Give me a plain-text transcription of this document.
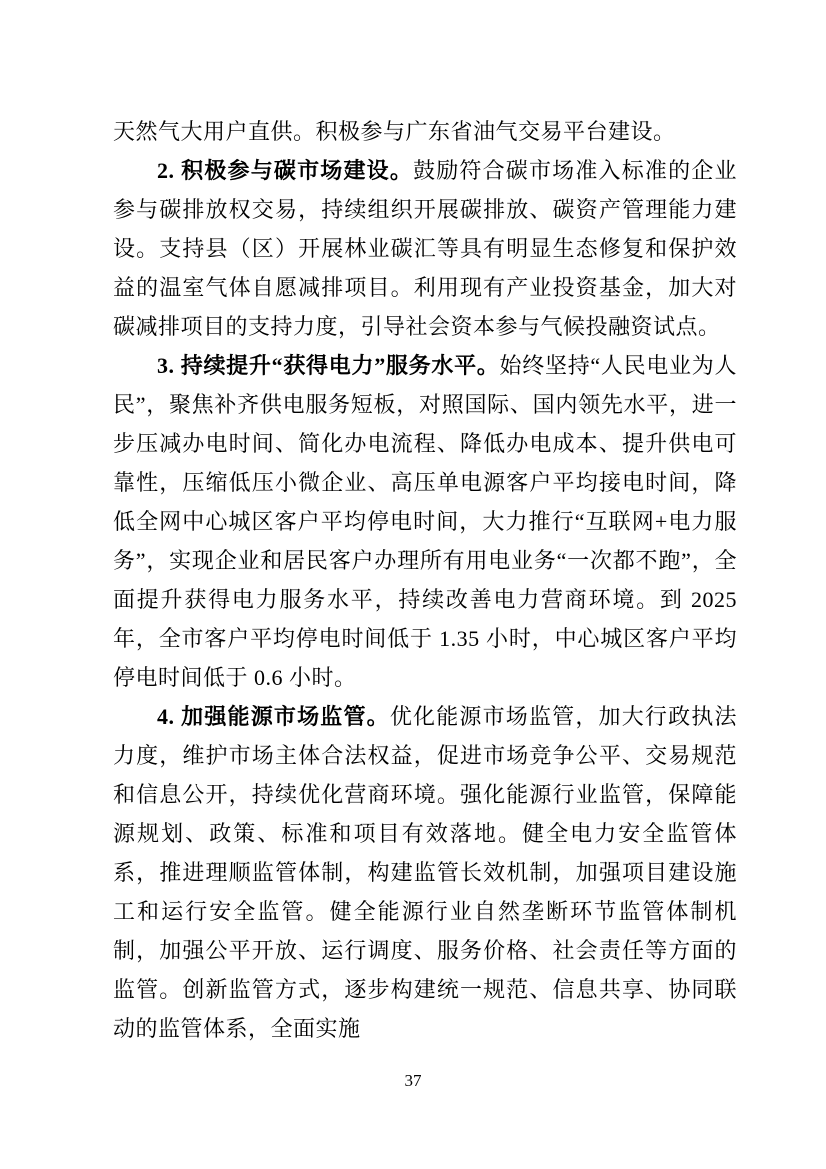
天然气大用户直供。积极参与广东省油气交易平台建设。

2. 积极参与碳市场建设。鼓励符合碳市场准入标准的企业参与碳排放权交易，持续组织开展碳排放、碳资产管理能力建设。支持县（区）开展林业碳汇等具有明显生态修复和保护效益的温室气体自愿减排项目。利用现有产业投资基金，加大对碳减排项目的支持力度，引导社会资本参与气候投融资试点。

3. 持续提升“获得电力”服务水平。始终坚持“人民电业为人民”，聚焦补齐供电服务短板，对照国际、国内领先水平，进一步压减办电时间、简化办电流程、降低办电成本、提升供电可靠性，压缩低压小微企业、高压单电源客户平均接电时间，降低全网中心城区客户平均停电时间，大力推行“互联网+电力服务”，实现企业和居民客户办理所有用电业务“一次都不跑”，全面提升获得电力服务水平，持续改善电力营商环境。到 2025 年，全市客户平均停电时间低于 1.35 小时，中心城区客户平均停电时间低于 0.6 小时。

4. 加强能源市场监管。优化能源市场监管，加大行政执法力度，维护市场主体合法权益，促进市场竞争公平、交易规范和信息公开，持续优化营商环境。强化能源行业监管，保障能源规划、政策、标准和项目有效落地。健全电力安全监管体系，推进理顺监管体制，构建监管长效机制，加强项目建设施工和运行安全监管。健全能源行业自然垄断环节监管体制机制，加强公平开放、运行调度、服务价格、社会责任等方面的监管。创新监管方式，逐步构建统一规范、信息共享、协同联动的监管体系，全面实施

37
